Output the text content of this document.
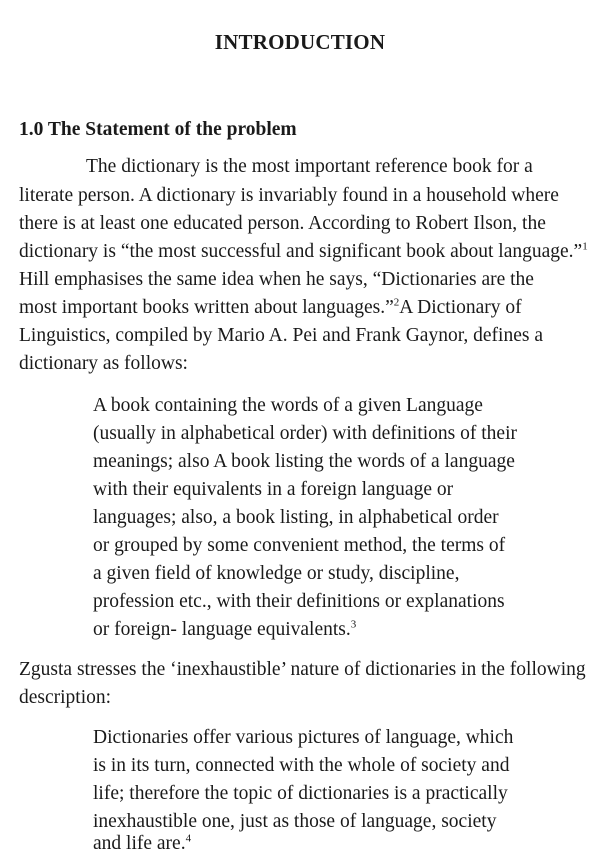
INTRODUCTION
1.0 The Statement of the problem
The dictionary is the most important reference book for a
literate person. A dictionary is invariably found in a household where
there is at least one educated person. According to Robert Ilson, the
dictionary is “the most successful and significant book about language.”$^1$
Hill emphasises the same idea when he says, “Dictionaries are the
most important books written about languages.”$^2$A Dictionary of
Linguistics, compiled by Mario A. Pei and Frank Gaynor, defines a
dictionary as follows:
A book containing the words of a given Language
(usually in alphabetical order) with definitions of their
meanings; also A book listing the words of a language
with their equivalents in a foreign language or
languages; also, a book listing, in alphabetical order
or grouped by some convenient method, the terms of
a given field of knowledge or study, discipline,
profession etc., with their definitions or explanations
or foreign- language equivalents.$^3$
Zgusta stresses the ‘inexhaustible’ nature of dictionaries in the following
description:
Dictionaries offer various pictures of language, which
is in its turn, connected with the whole of society and
life; therefore the topic of dictionaries is a practically
inexhaustible one, just as those of language, society
and life are.$^4$
